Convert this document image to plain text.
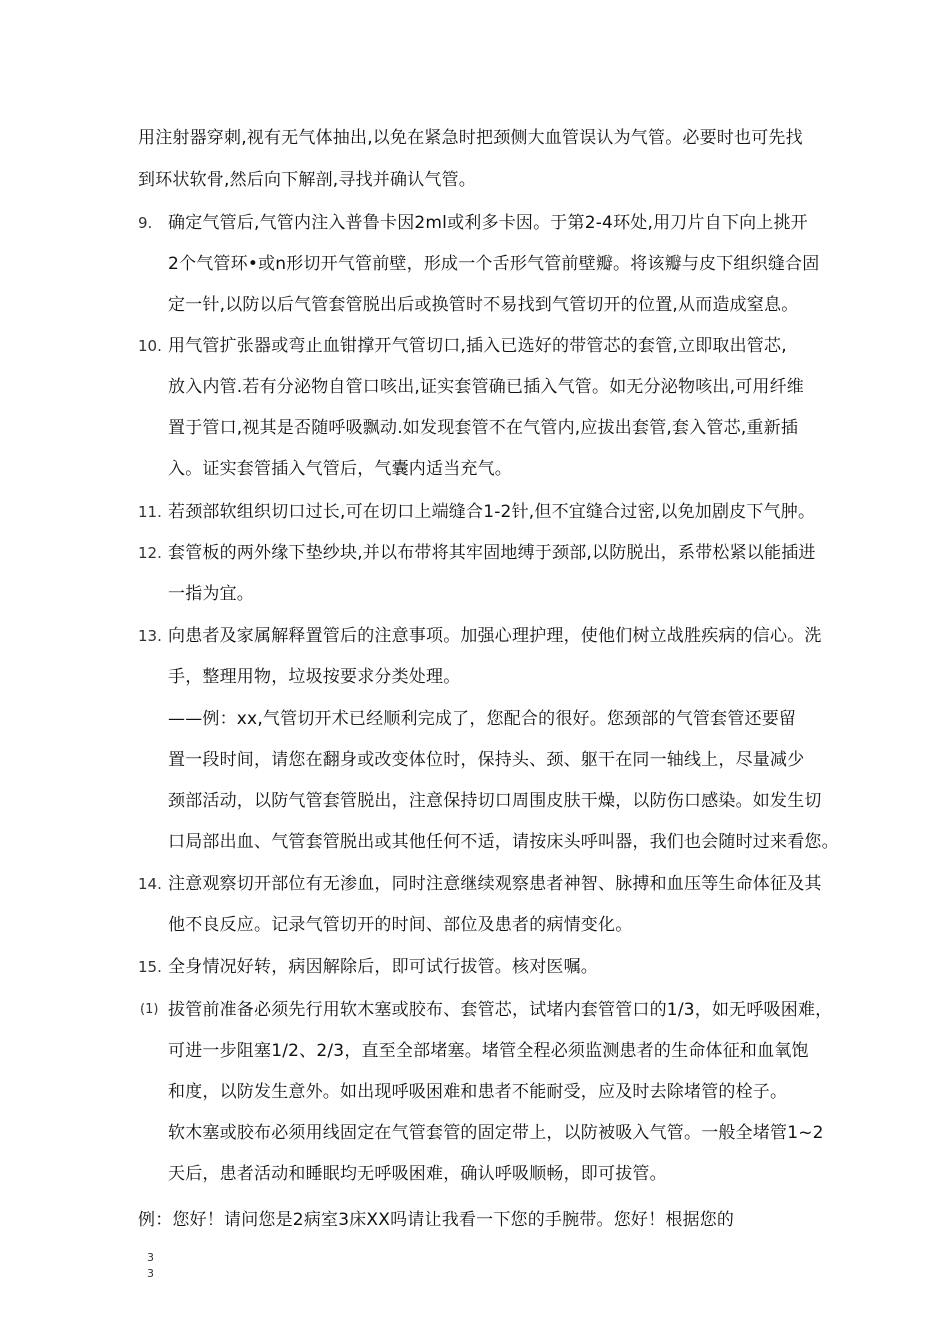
用注射器穿刺,视有无气体抽出,以免在紧急时把颈侧大血管误认为气管。必要时也可先找
到环状软骨,然后向下解剖,寻找并确认气管。
9. 确定气管后,气管内注入普鲁卡因2ml或利多卡因。于第2-4环处,用刀片自下向上挑开
2个气管环•或n形切开气管前壁，形成一个舌形气管前壁瓣。将该瓣与皮下组织缝合固
定一针,以防以后气管套管脱出后或换管时不易找到气管切开的位置,从而造成窒息。
10. 用气管扩张器或弯止血钳撑开气管切口,插入已选好的带管芯的套管,立即取出管芯,
放入内管.若有分泌物自管口咳出,证实套管确已插入气管。如无分泌物咳出,可用纤维
置于管口,视其是否随呼吸飘动.如发现套管不在气管内,应拔出套管,套入管芯,重新插
入。证实套管插入气管后，气囊内适当充气。
11. 若颈部软组织切口过长,可在切口上端缝合1-2针,但不宜缝合过密,以免加剧皮下气肿。
12. 套管板的两外缘下垫纱块,并以布带将其牢固地缚于颈部,以防脱出，系带松紧以能插进
一指为宜。
13. 向患者及家属解释置管后的注意事项。加强心理护理，使他们树立战胜疾病的信心。洗
手，整理用物，垃圾按要求分类处理。
——例：xx,气管切开术已经顺利完成了，您配合的很好。您颈部的气管套管还要留
置一段时间，请您在翻身或改变体位时，保持头、颈、躯干在同一轴线上，尽量减少
颈部活动，以防气管套管脱出，注意保持切口周围皮肤干燥，以防伤口感染。如发生切
口局部出血、气管套管脱出或其他任何不适，请按床头呼叫器，我们也会随时过来看您。
14. 注意观察切开部位有无渗血，同时注意继续观察患者神智、脉搏和血压等生命体征及其
他不良反应。记录气管切开的时间、部位及患者的病情变化。
15. 全身情况好转，病因解除后，即可试行拔管。核对医嘱。
(1) 拔管前准备必须先行用软木塞或胶布、套管芯，试堵内套管管口的1/3，如无呼吸困难，
可进一步阻塞1/2、2/3，直至全部堵塞。堵管全程必须监测患者的生命体征和血氧饱
和度，以防发生意外。如出现呼吸困难和患者不能耐受，应及时去除堵管的栓子。
软木塞或胶布必须用线固定在气管套管的固定带上，以防被吸入气管。一般全堵管1~2
天后，患者活动和睡眠均无呼吸困难，确认呼吸顺畅，即可拔管。
例：您好！请问您是2病室3床XX吗请让我看一下您的手腕带。您好！根据您的
3
3
